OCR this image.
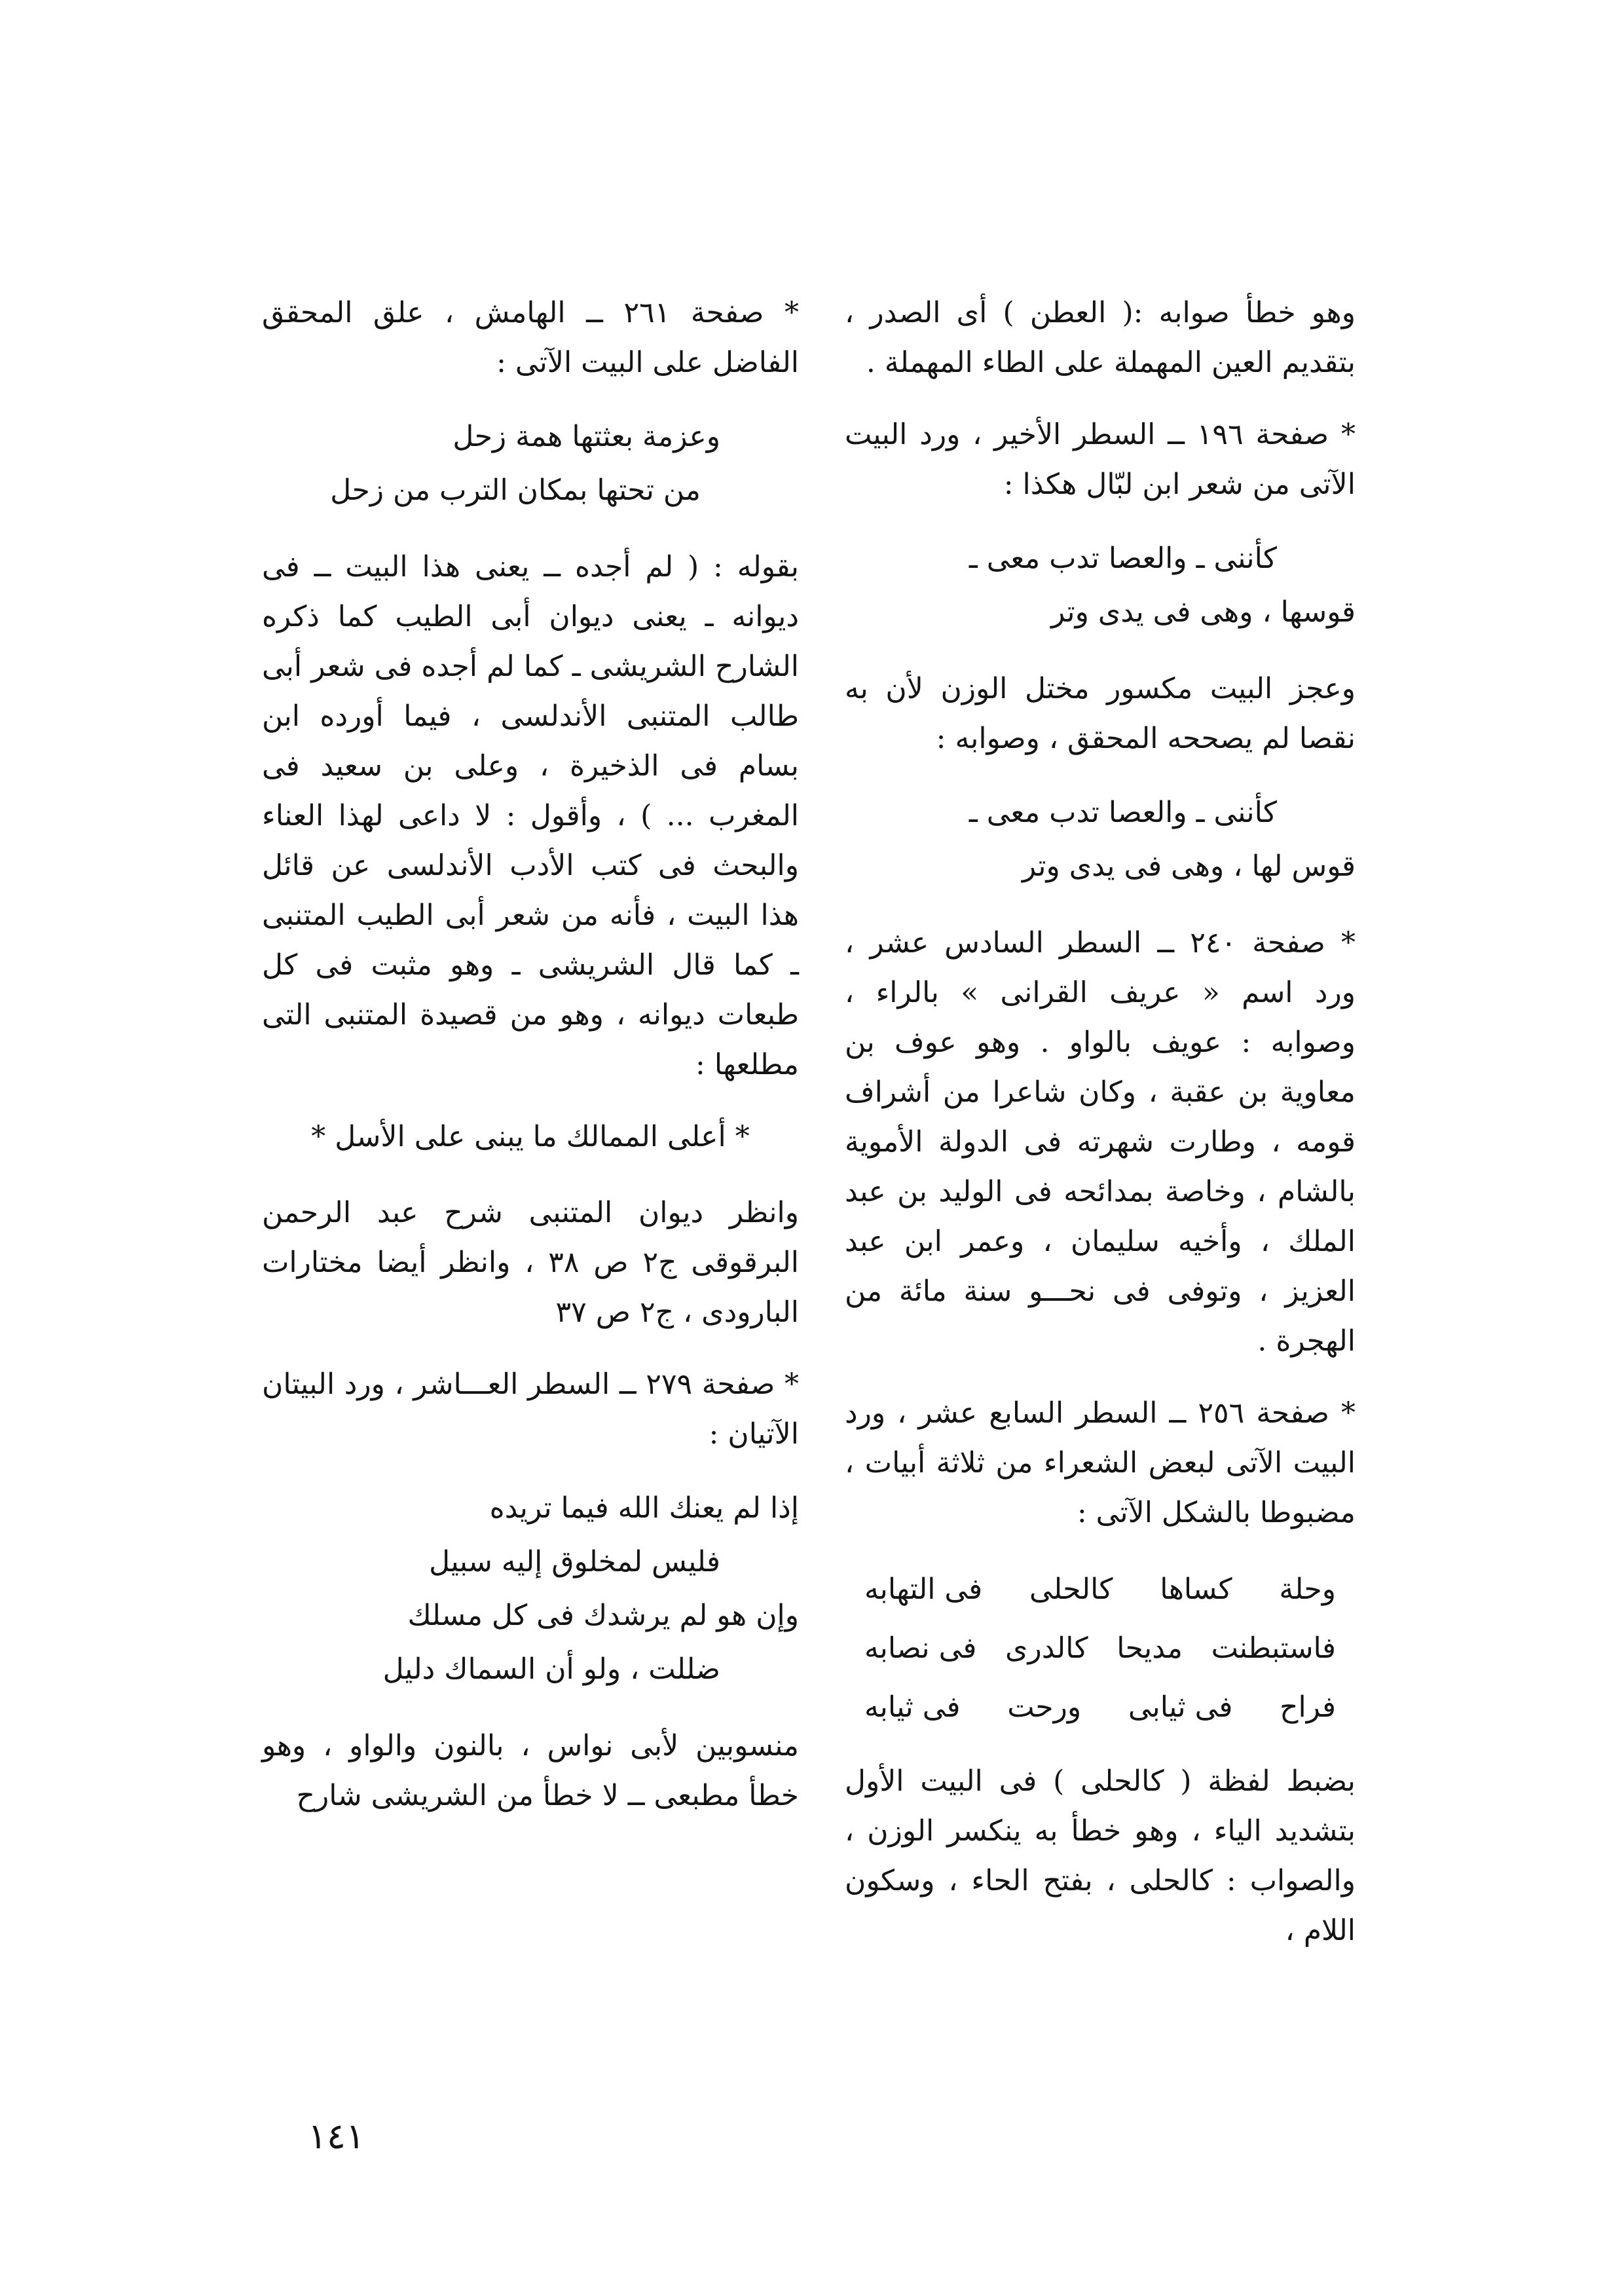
وهو خطأ صوابه :( العطن ) أى الصدر ، بتقديم العين المهملة على الطاء المهملة .

* صفحة ١٩٦ ــ السطر الأخير ، ورد البيت الآتى من شعر ابن لبّال هكذا :

كأننى ـ والعصا تدب معى ـ
قوسها ، وهى فى يدى وتر

وعجز البيت مكسور مختل الوزن لأن به نقصا لم يصححه المحقق ، وصوابه :

كأننى ـ والعصا تدب معى ـ
قوس لها ، وهى فى يدى وتر

* صفحة ٢٤٠ ــ السطر السادس عشر ، ورد اسم « عريف القرانى » بالراء ، وصوابه : عويف بالواو . وهو عوف بن معاوية بن عقبة ، وكان شاعرا من أشراف قومه ، وطارت شهرته فى الدولة الأموية بالشام ، وخاصة بمدائحه فى الوليد بن عبد الملك ، وأخيه سليمان ، وعمر ابن عبد العزيز ، وتوفى فى نحـــو سنة مائة من الهجرة .

* صفحة ٢٥٦ ــ السطر السابع عشر ، ورد البيت الآتى لبعض الشعراء من ثلاثة أبيات ، مضبوطا بالشكل الآتى :

وحلة
كساها
كالحلى
فى التهابه
فاستبطنت
مديحا
كالدرى
فى نصابه
فراح
فى ثيابى
ورحت
فى ثيابه

بضبط لفظة ( كالحلى ) فى البيت الأول بتشديد الياء ، وهو خطأ به ينكسر الوزن ، والصواب : كالحلى ، بفتح الحاء ، وسكون اللام ،

* صفحة ٢٦١ ــ الهامش ، علق المحقق الفاضل على البيت الآتى :

وعزمة بعثتها همة زحل
من تحتها بمكان الترب من زحل

بقوله : ( لم أجده ــ يعنى هذا البيت ــ فى ديوانه ـ يعنى ديوان أبى الطيب كما ذكره الشارح الشريشى ـ كما لم أجده فى شعر أبى طالب المتنبى الأندلسى ، فيما أورده ابن بسام فى الذخيرة ، وعلى بن سعيد فى المغرب ... ) ، وأقول : لا داعى لهذا العناء والبحث فى كتب الأدب الأندلسى عن قائل هذا البيت ، فأنه من شعر أبى الطيب المتنبى ـ كما قال الشريشى ـ وهو مثبت فى كل طبعات ديوانه ، وهو من قصيدة المتنبى التى مطلعها :

* أعلى الممالك ما يبنى على الأسل *

وانظر ديوان المتنبى شرح عبد الرحمن البرقوقى ج٢ ص ٣٨ ، وانظر أيضا مختارات البارودى ، ج٢ ص ٣٧

* صفحة ٢٧٩ ــ السطر العـــاشر ، ورد البيتان الآتيان :

إذا لم يعنك الله فيما تريده
فليس لمخلوق إليه سبيل
وإن هو لم يرشدك فى كل مسلك
ضللت ، ولو أن السماك دليل

منسوبين لأبى نواس ، بالنون والواو ، وهو خطأ مطبعى ــ لا خطأ من الشريشى شارح

١٤١
